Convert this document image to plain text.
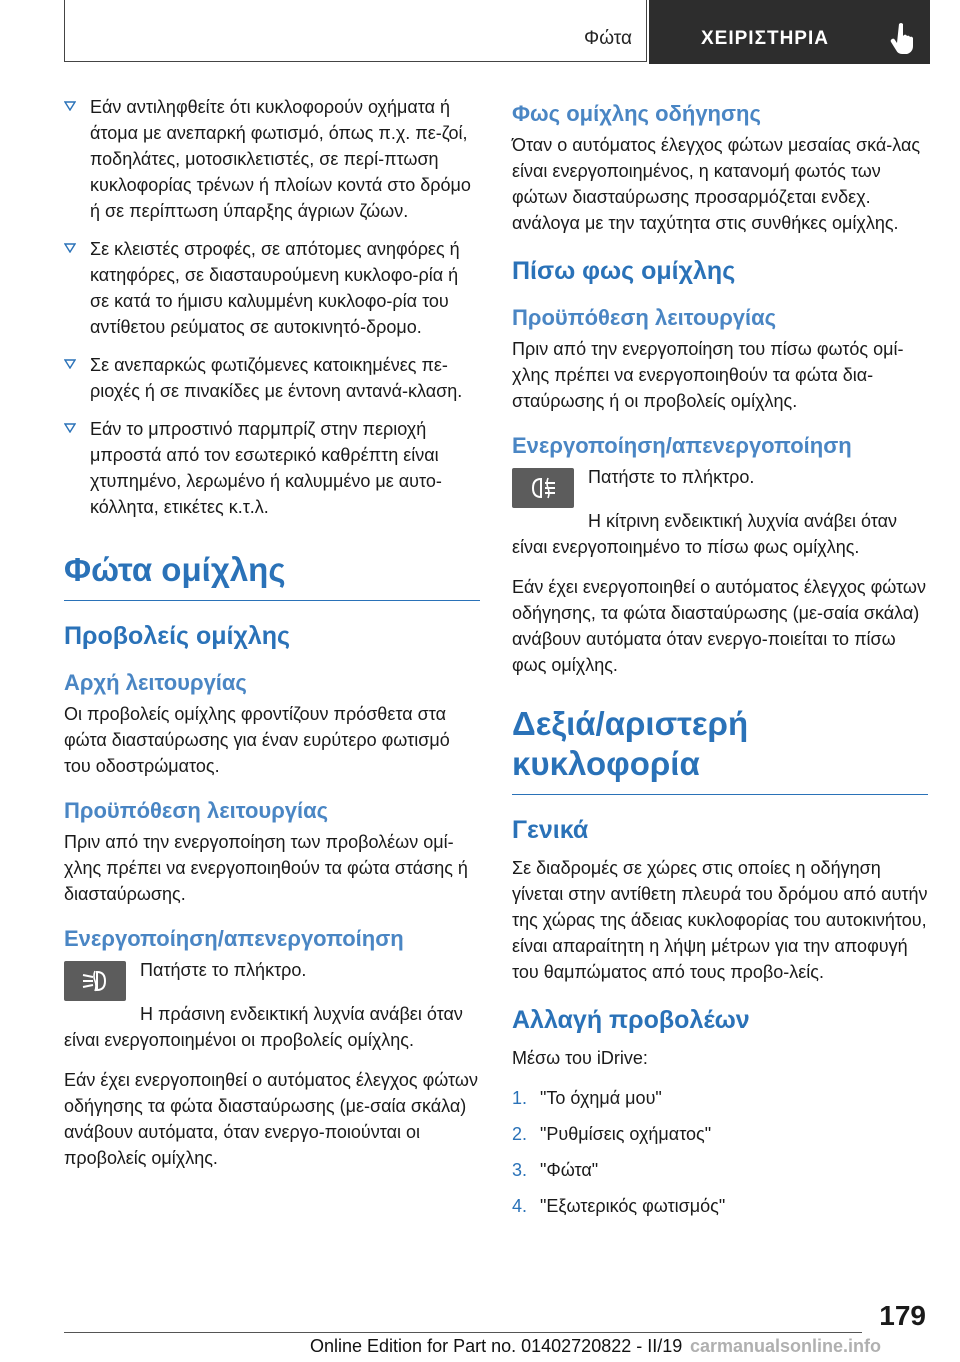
Φώτα	ΧΕΙΡΙΣΤΗΡΙΑ
Εάν αντιληφθείτε ότι κυκλοφορούν οχήματα ή άτομα με ανεπαρκή φωτισμό, όπως π.χ. πε-ζοί, ποδηλάτες, μοτοσικλετιστές, σε περί-πτωση κυκλοφορίας τρένων ή πλοίων κοντά στο δρόμο ή σε περίπτωση ύπαρξης άγριων ζώων.
Σε κλειστές στροφές, σε απότομες ανηφόρες ή κατηφόρες, σε διασταυρούμενη κυκλοφο-ρία ή σε κατά το ήμισυ καλυμμένη κυκλοφο-ρία του αντίθετου ρεύματος σε αυτοκινητό-δρομο.
Σε ανεπαρκώς φωτιζόμενες κατοικημένες πε-ριοχές ή σε πινακίδες με έντονη αντανά-κλαση.
Εάν το μπροστινό παρμπρίζ στην περιοχή μπροστά από τον εσωτερικό καθρέπτη είναι χτυπημένο, λερωμένο ή καλυμμένο με αυτο-κόλλητα, ετικέτες κ.τ.λ.
Φώτα ομίχλης
Προβολείς ομίχλης
Αρχή λειτουργίας

Οι προβολείς ομίχλης φροντίζουν πρόσθετα στα φώτα διασταύρωσης για έναν ευρύτερο φωτισμό του οδοστρώματος.

Προϋπόθεση λειτουργίας

Πριν από την ενεργοποίηση των προβολέων ομί-χλης πρέπει να ενεργοποιηθούν τα φώτα στάσης ή διασταύρωσης.

Ενεργοποίηση/απενεργοποίηση

Πατήστε το πλήκτρο.

Η πράσινη ενδεικτική λυχνία ανάβει όταν είναι ενεργοποιημένοι οι προβολείς ομίχλης.

Εάν έχει ενεργοποιηθεί ο αυτόματος έλεγχος φώτων οδήγησης τα φώτα διασταύρωσης (με-σαία σκάλα) ανάβουν αυτόματα, όταν ενεργο-ποιούνται οι προβολείς ομίχλης.

Φως ομίχλης οδήγησης

Όταν ο αυτόματος έλεγχος φώτων μεσαίας σκά-λας είναι ενεργοποιημένος, η κατανομή φωτός των φώτων διασταύρωσης προσαρμόζεται ενδεχ. ανάλογα με την ταχύτητα στις συνθήκες ομίχλης.

Πίσω φως ομίχλης
Προϋπόθεση λειτουργίας

Πριν από την ενεργοποίηση του πίσω φωτός ομί-χλης πρέπει να ενεργοποιηθούν τα φώτα δια-σταύρωσης ή οι προβολείς ομίχλης.

Ενεργοποίηση/απενεργοποίηση

Πατήστε το πλήκτρο.

Η κίτρινη ενδεικτική λυχνία ανάβει όταν είναι ενεργοποιημένο το πίσω φως ομίχλης.

Εάν έχει ενεργοποιηθεί ο αυτόματος έλεγχος φώτων οδήγησης, τα φώτα διασταύρωσης (με-σαία σκάλα) ανάβουν αυτόματα όταν ενεργο-ποιείται το πίσω φως ομίχλης.

Δεξιά/αριστερή κυκλοφορία
Γενικά

Σε διαδρομές σε χώρες στις οποίες η οδήγηση γίνεται στην αντίθετη πλευρά του δρόμου από αυτήν της χώρας της άδειας κυκλοφορίας του αυτοκινήτου, είναι απαραίτητη η λήψη μέτρων για την αποφυγή του θαμπώματος από τους προβο-λείς.

Αλλαγή προβολέων

Μέσω του iDrive:

1. "Το όχημά μου"
2. "Ρυθμίσεις οχήματος"
3. "Φώτα"
4. "Εξωτερικός φωτισμός"
179
Online Edition for Part no. 01402720822 - II/19 carmanualsonline.info
